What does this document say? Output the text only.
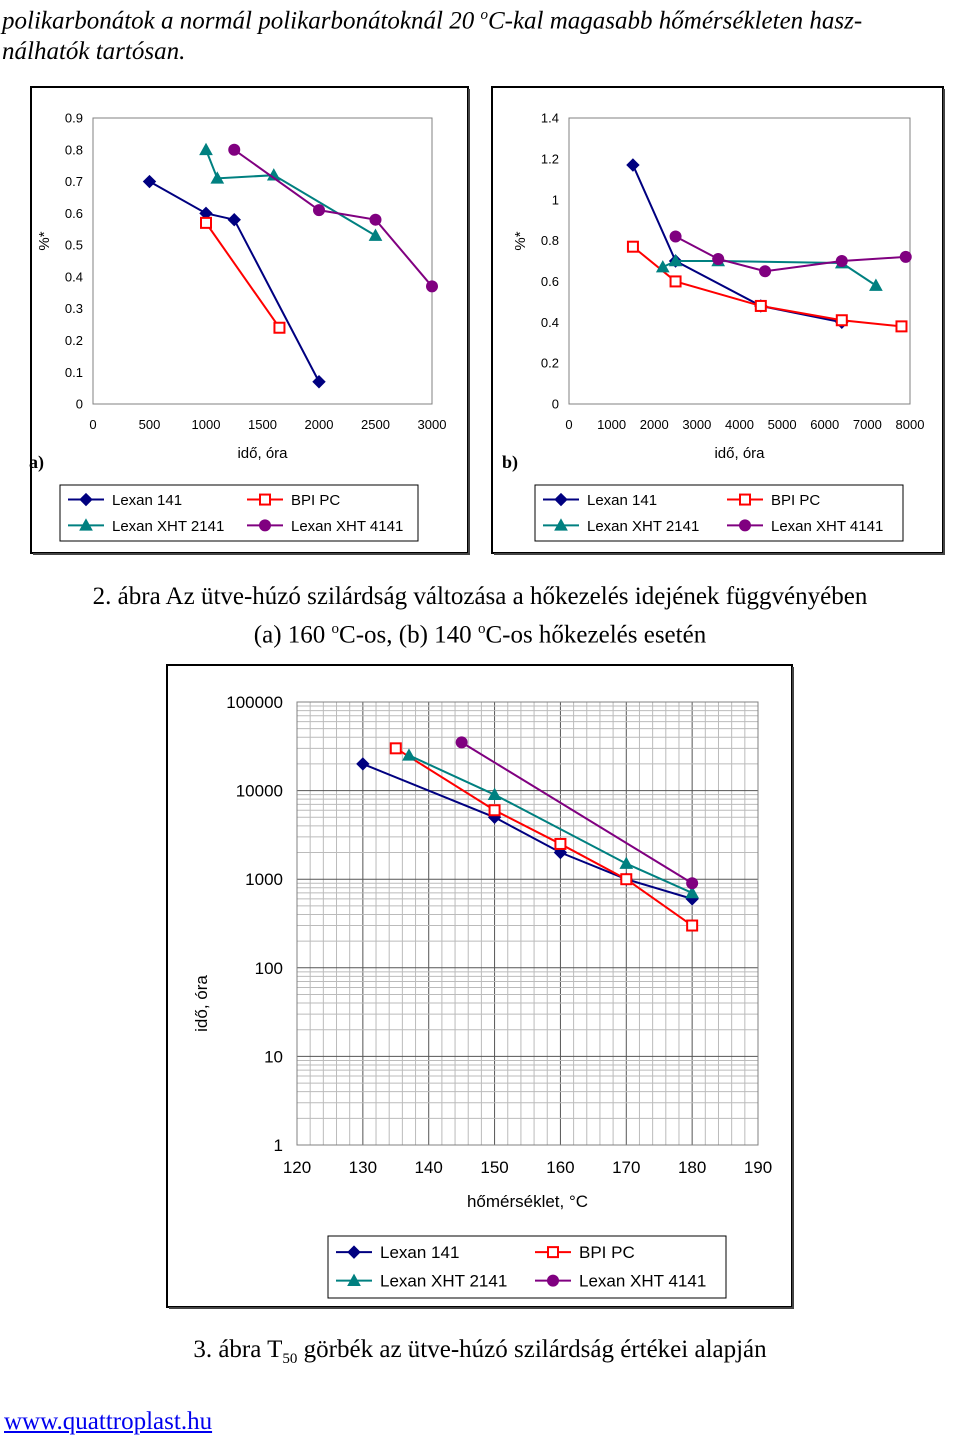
polikarbonátok a normál polikarbonátoknál 20 $^o$C-kal magasabb hőmérsékleten hasz-
nálhatók tartósan.
0	500 1000 1500 2000 2500 3000
0
0.1
0.2
0.3
0.4
0.5
0.6
0.7
0.8
0.9
idő, óra
%*
a)
Lexan 141	BPI PC
Lexan XHT 2141	Lexan XHT 4141
0 1000 2000 3000 4000 5000 6000 7000 8000
0
0.2
0.4
0.6
0.8
1
1.2
1.4
idő, óra
%*
b)
Lexan 141	BPI PC
Lexan XHT 2141	Lexan XHT 4141
120 130 140 150 160 170 180 190
1
10
100
1000
10000
100000
hőmérséklet, °C
idő, óra
Lexan 141	BPI PC
Lexan XHT 2141	Lexan XHT 4141
2. ábra Az ütve-húzó szilárdság változása a hőkezelés idejének függvényében
(a) 160 $^o$C-os, (b) 140 $^o$C-os hőkezelés esetén
3. ábra $T_{50}$ görbék az ütve-húzó szilárdság értékei alapján
www.quattroplast.hu
